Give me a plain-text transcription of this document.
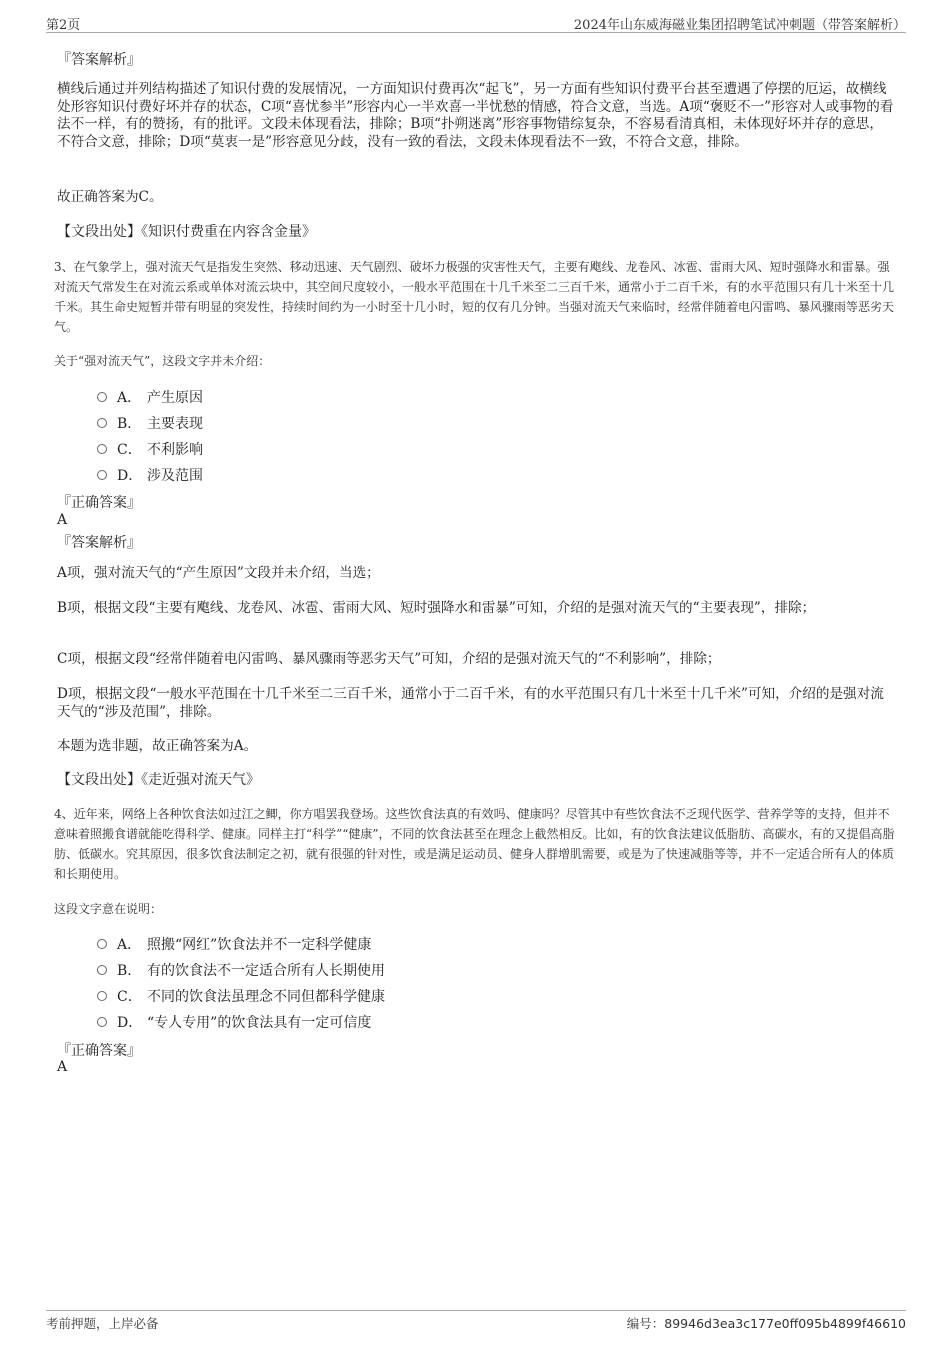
第2页	2024年山东威海磁业集团招聘笔试冲刺题（带答案解析）
『答案解析』
横线后通过并列结构描述了知识付费的发展情况，一方面知识付费再次“起飞”，另一方面有些知识付费平台甚至遭遇了停摆的厄运，故横线处形容知识付费好坏并存的状态，C项“喜忧参半”形容内心一半欢喜一半忧愁的情感，符合文意，当选。A项“褒贬不一”形容对人或事物的看法不一样，有的赞扬，有的批评。文段未体现看法，排除；B项“扑朔迷离”形容事物错综复杂，不容易看清真相，未体现好坏并存的意思，不符合文意，排除；D项“莫衷一是”形容意见分歧，没有一致的看法，文段未体现看法不一致，不符合文意，排除。
故正确答案为C。
【文段出处】《知识付费重在内容含金量》
3、在气象学上，强对流天气是指发生突然、移动迅速、天气剧烈、破坏力极强的灾害性天气，主要有飑线、龙卷风、冰雹、雷雨大风、短时强降水和雷暴。强对流天气常发生在对流云系或单体对流云块中，其空间尺度较小，一般水平范围在十几千米至二三百千米，通常小于二百千米，有的水平范围只有几十米至十几千米。其生命史短暂并带有明显的突发性，持续时间约为一小时至十几小时，短的仅有几分钟。当强对流天气来临时，经常伴随着电闪雷鸣、暴风骤雨等恶劣天气。
关于“强对流天气”，这段文字并未介绍：
A． 产生原因
B． 主要表现
C． 不利影响
D． 涉及范围
『正确答案』
A
『答案解析』
A项，强对流天气的“产生原因”文段并未介绍，当选；
B项，根据文段“主要有飑线、龙卷风、冰雹、雷雨大风、短时强降水和雷暴”可知，介绍的是强对流天气的“主要表现”，排除；
C项，根据文段“经常伴随着电闪雷鸣、暴风骤雨等恶劣天气”可知，介绍的是强对流天气的“不利影响”，排除；
D项，根据文段“一般水平范围在十几千米至二三百千米，通常小于二百千米，有的水平范围只有几十米至十几千米”可知，介绍的是强对流天气的“涉及范围”，排除。
本题为选非题，故正确答案为A。
【文段出处】《走近强对流天气》
4、近年来，网络上各种饮食法如过江之鲫，你方唱罢我登场。这些饮食法真的有效吗、健康吗？尽管其中有些饮食法不乏现代医学、营养学等的支持，但并不意味着照搬食谱就能吃得科学、健康。同样主打“科学”“健康”，不同的饮食法甚至在理念上截然相反。比如，有的饮食法建议低脂肪、高碳水，有的又提倡高脂肪、低碳水。究其原因，很多饮食法制定之初，就有很强的针对性，或是满足运动员、健身人群增肌需要，或是为了快速减脂等等，并不一定适合所有人的体质和长期使用。
这段文字意在说明：
A． 照搬“网红”饮食法并不一定科学健康
B． 有的饮食法不一定适合所有人长期使用
C． 不同的饮食法虽理念不同但都科学健康
D． “专人专用”的饮食法具有一定可信度
『正确答案』
A
考前押题，上岸必备	编号：89946d3ea3c177e0ff095b4899f46610
